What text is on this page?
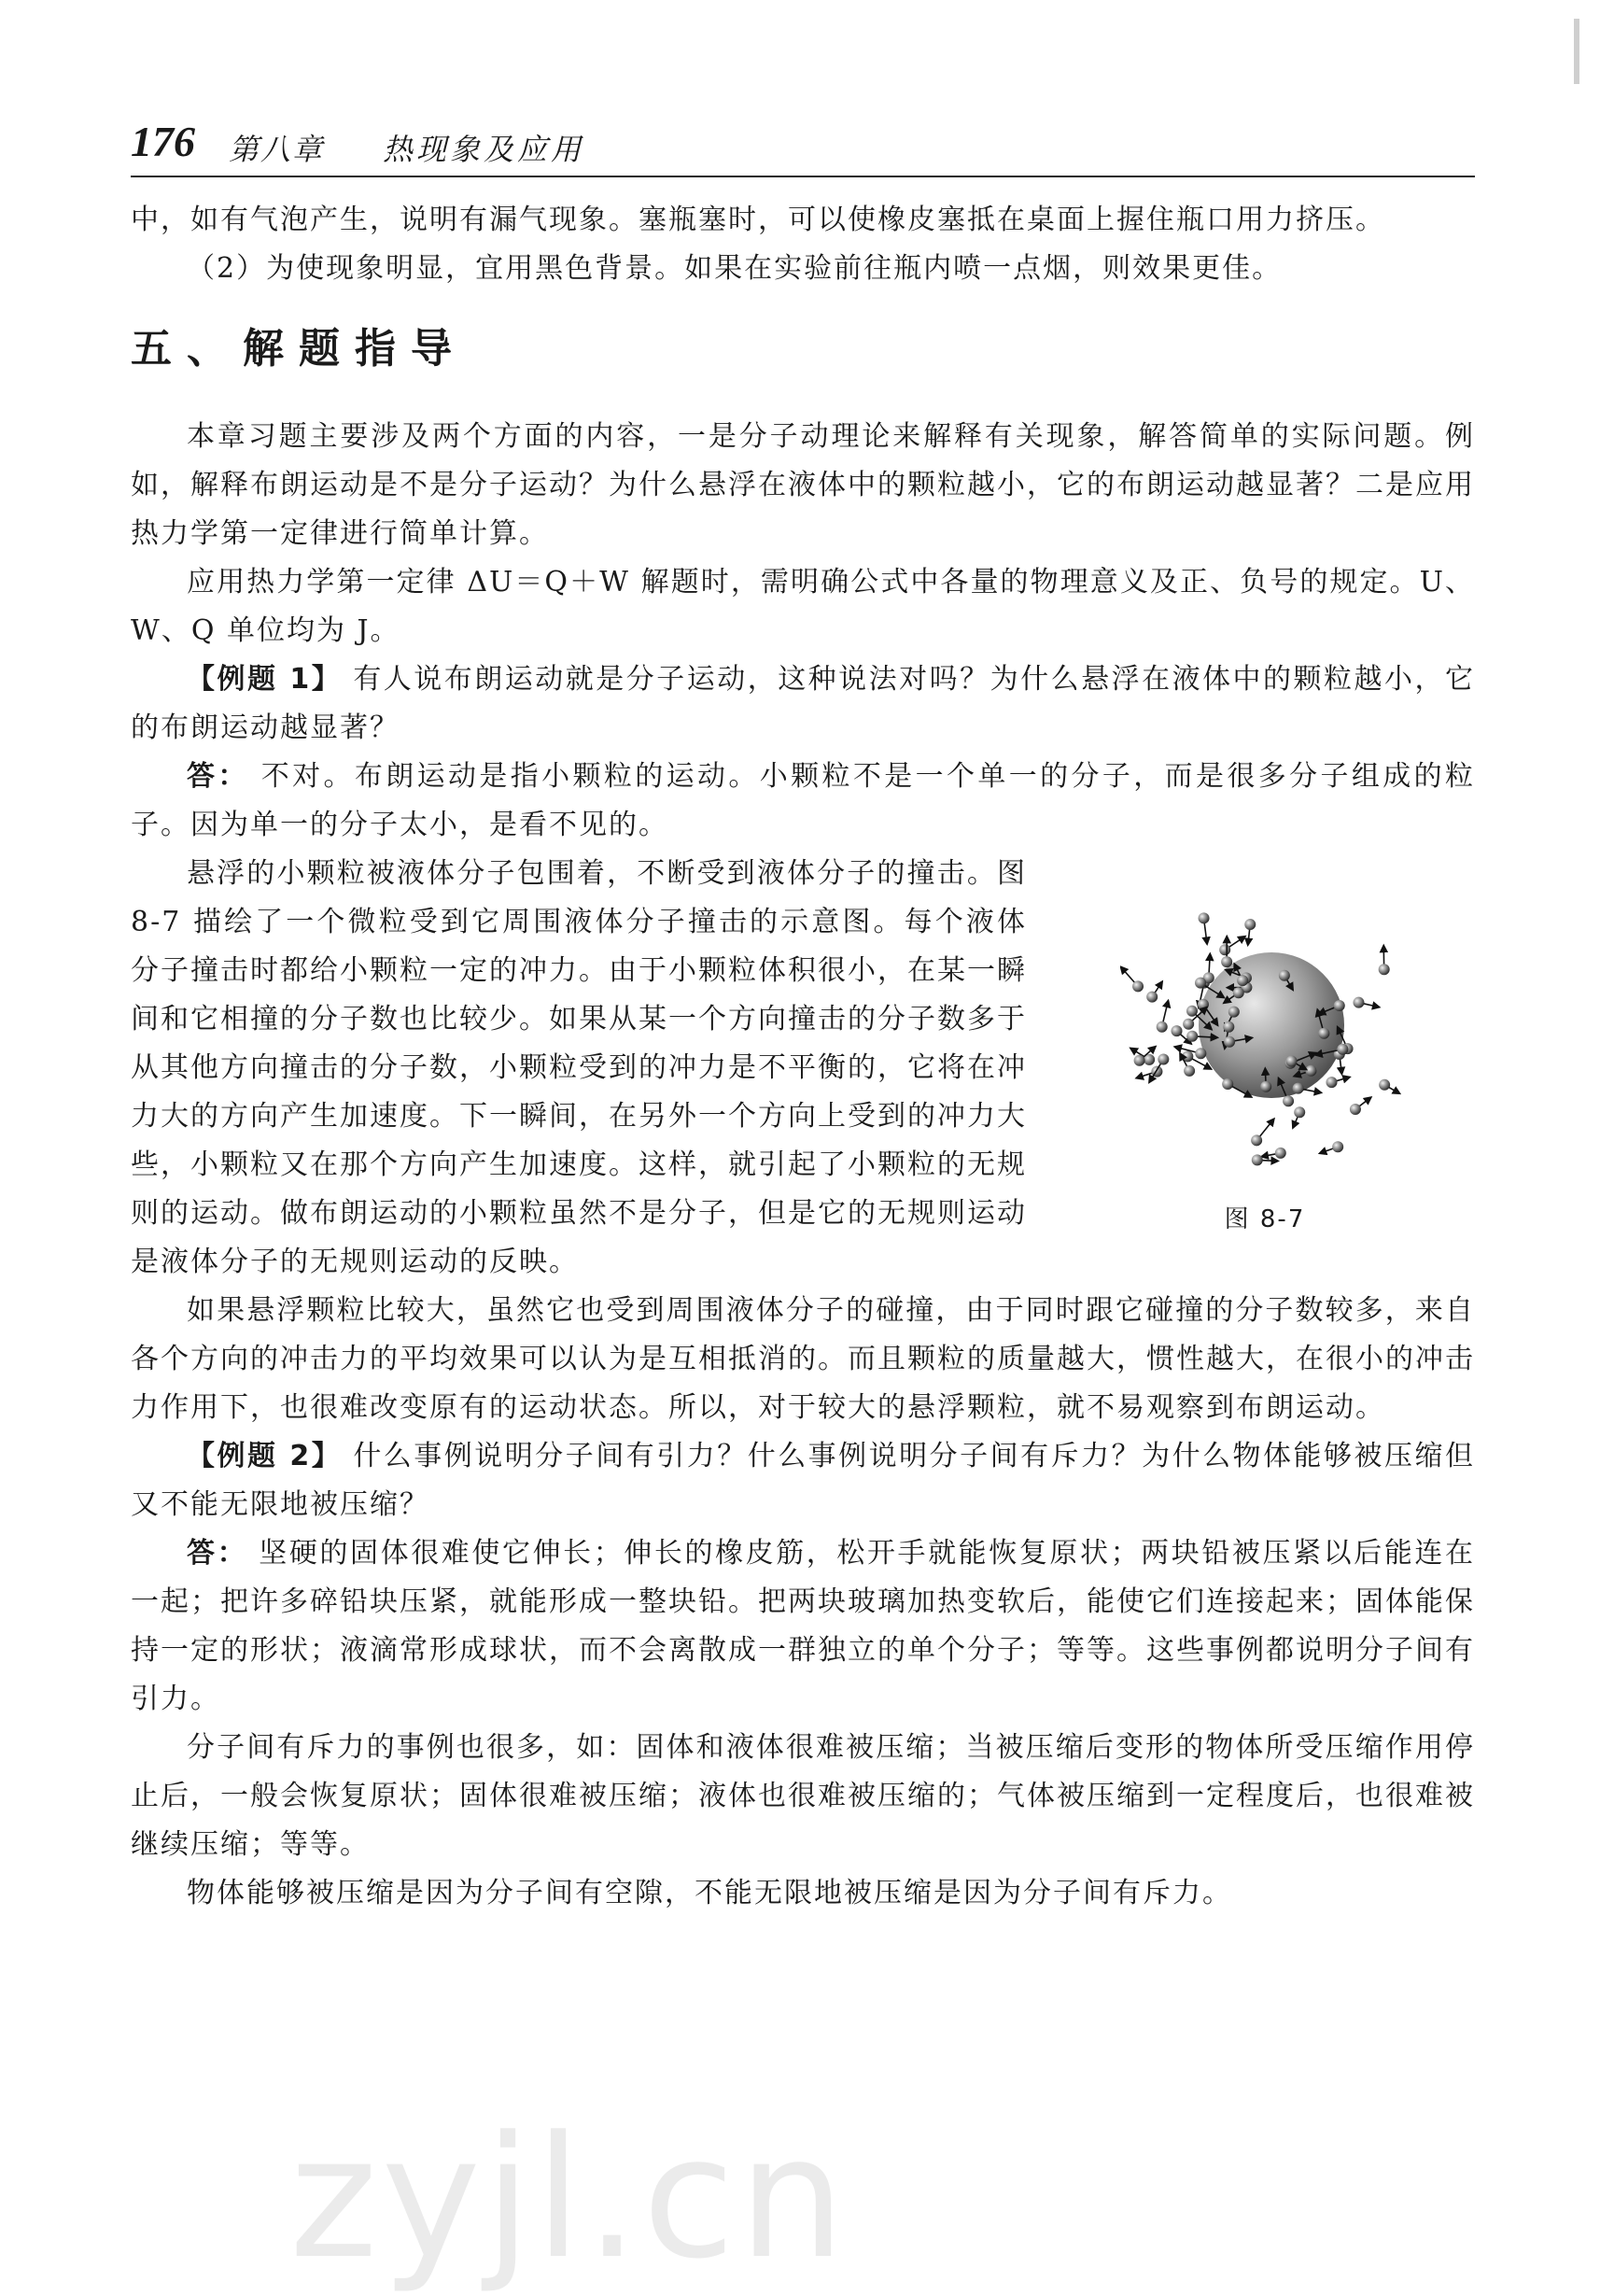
176 第八章 热现象及应用

中，如有气泡产生，说明有漏气现象。塞瓶塞时，可以使橡皮塞抵在桌面上握住瓶口用力挤压。

（2）为使现象明显，宜用黑色背景。如果在实验前往瓶内喷一点烟，则效果更佳。

五、解题指导

本章习题主要涉及两个方面的内容，一是分子动理论来解释有关现象，解答简单的实际问题。例如，解释布朗运动是不是分子运动？为什么悬浮在液体中的颗粒越小，它的布朗运动越显著？二是应用热力学第一定律进行简单计算。

应用热力学第一定律 ΔU＝Q＋W 解题时，需明确公式中各量的物理意义及正、负号的规定。U、W、Q 单位均为 J。

【例题 1】 有人说布朗运动就是分子运动，这种说法对吗？为什么悬浮在液体中的颗粒越小，它的布朗运动越显著？

答： 不对。布朗运动是指小颗粒的运动。小颗粒不是一个单一的分子，而是很多分子组成的粒子。因为单一的分子太小，是看不见的。

图 8-7

悬浮的小颗粒被液体分子包围着，不断受到液体分子的撞击。图 8-7 描绘了一个微粒受到它周围液体分子撞击的示意图。每个液体分子撞击时都给小颗粒一定的冲力。由于小颗粒体积很小，在某一瞬间和它相撞的分子数也比较少。如果从某一个方向撞击的分子数多于从其他方向撞击的分子数，小颗粒受到的冲力是不平衡的，它将在冲力大的方向产生加速度。下一瞬间，在另外一个方向上受到的冲力大些，小颗粒又在那个方向产生加速度。这样，就引起了小颗粒的无规则的运动。做布朗运动的小颗粒虽然不是分子，但是它的无规则运动是液体分子的无规则运动的反映。

如果悬浮颗粒比较大，虽然它也受到周围液体分子的碰撞，由于同时跟它碰撞的分子数较多，来自各个方向的冲击力的平均效果可以认为是互相抵消的。而且颗粒的质量越大，惯性越大，在很小的冲击力作用下，也很难改变原有的运动状态。所以，对于较大的悬浮颗粒，就不易观察到布朗运动。

【例题 2】 什么事例说明分子间有引力？什么事例说明分子间有斥力？为什么物体能够被压缩但又不能无限地被压缩？

答： 坚硬的固体很难使它伸长；伸长的橡皮筋，松开手就能恢复原状；两块铅被压紧以后能连在一起；把许多碎铅块压紧，就能形成一整块铅。把两块玻璃加热变软后，能使它们连接起来；固体能保持一定的形状；液滴常形成球状，而不会离散成一群独立的单个分子；等等。这些事例都说明分子间有引力。

分子间有斥力的事例也很多，如：固体和液体很难被压缩；当被压缩后变形的物体所受压缩作用停止后，一般会恢复原状；固体很难被压缩；液体也很难被压缩的；气体被压缩到一定程度后，也很难被继续压缩；等等。

物体能够被压缩是因为分子间有空隙，不能无限地被压缩是因为分子间有斥力。

zyjl.cn
